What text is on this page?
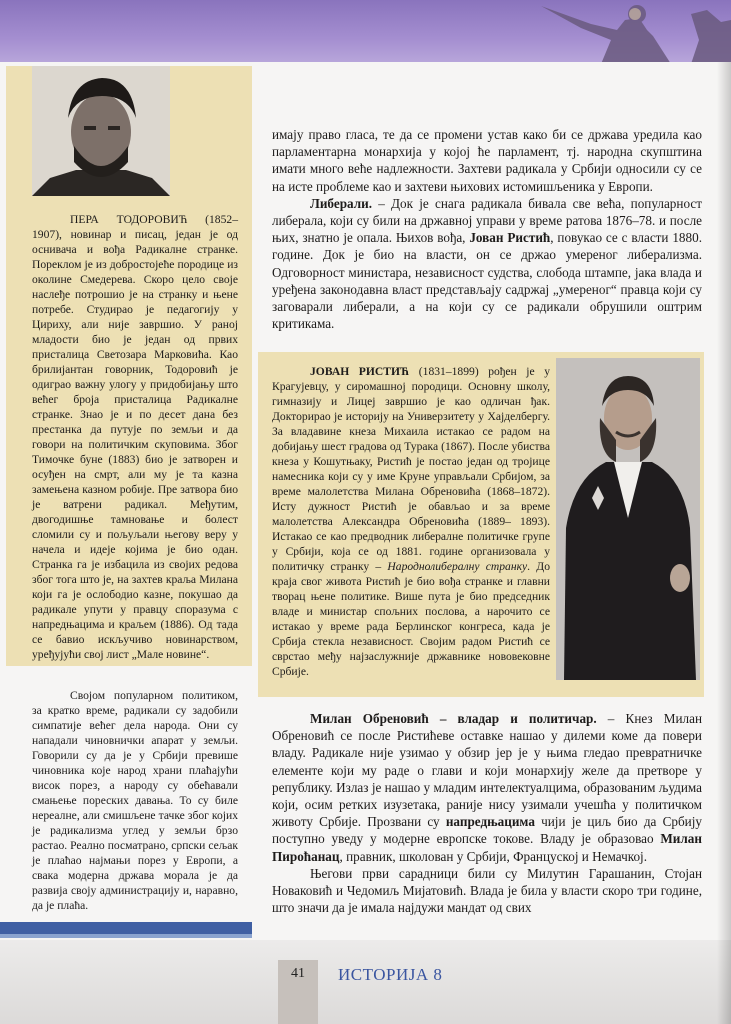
ПЕРА ТОДОРОВИЋ (1852–1907), новинар и писац, један је од оснивача и вођа Радикалне странке. Пореклом је из добростојеће породице из околине Смедерева. Скоро цело своје наслеђе потрошио је на странку и њене потребе. Студирао је педагогију у Цириху, али није завршио. У раној младости био је један од првих присталица Светозара Марковића. Као брилијантан говорник, Тодоровић је одиграо важну улогу у придобијању што већег броја присталица Радикалне странке. Знао је и по десет дана без престанка да путује по земљи и да говори на политичким скуповима. Због Тимочке буне (1883) био је затворен и осуђен на смрт, али му је та казна замењена казном робије. Пре затвора био је ватрени радикал. Међутим, двогодишње тамновање и болест сломили су и пољуљали његову веру у начела и идеје којима је био одан. Странка га је избацила из својих редова због тога што је, на захтев краља Милана који га је ослободио казне, покушао да радикале упути у правцу споразума с напредњацима и краљем (1886). Од тада се бавио искључиво новинарством, уређујући свој лист „Мале новине“.

Својом популарном политиком, за кратко време, радикали су задобили симпатије већег дела народа. Они су нападали чиновнички апарат у земљи. Говорили су да је у Србији превише чиновника које народ храни плаћајући висок порез, а народу су обећавали смањење пореских давања. То су биле нереалне, али смишљене тачке због којих је радикализма углед у земљи брзо растао. Реално посматрано, српски сељак је плаћао најмањи порез у Европи, а свака модерна држава морала је да развија своју администрацију и, наравно, да је плаћа.

имају право гласа, те да се промени устав како би се држава уредила као парламентарна монархија у којој ће парламент, тј. народна скупштина имати много веће надлежности. Захтеви радикала у Србији односили су се на исте проблеме као и захтеви њихових истомишљеника у Европи.

Либерали. – Док је снага радикала бивала све већа, популарност либерала, који су били на државној управи у време ратова 1876–78. и после њих, знатно је опала. Њихов вођа, Јован Ристић, повукао се с власти 1880. године. Док је био на власти, он се држао умереног либерализма. Одговорност министара, независност судства, слобода штампе, јака влада и уређена законодавна власт представљају садржај „умереног“ правца који су заговарали либерали, а на који су се радикали обрушили оштрим критикама.

ЈОВАН РИСТИЋ (1831–1899) рођен је у Крагујевцу, у сиромашној породици. Основну школу, гимназију и Лицеј завршио је као одличан ђак. Докторирао је историју на Универзитету у Хајделбергу. За владавине кнеза Михаила истакао се радом на добијању шест градова од Турака (1867). После убиства кнеза у Кошутњаку, Ристић је постао један од тројице намесника који су у име Круне управљали Србијом, за време малолетства Милана Обреновића (1868–1872). Исту дужност Ристић је обављао и за време малолетства Александра Обреновића (1889– 1893). Истакао се као предводник либералне политичке групе у Србији, која се од 1881. године организовала у политичку странку – Народнолибералну странку. До краја свог живота Ристић је био вођа странке и главни творац њене политике. Више пута је био председник владе и министар спољних послова, а нарочито се истакао у време рада Берлинског конгреса, када је Србија стекла независност. Својим радом Ристић се сврстао међу најзаслужније државнике нововековне Србије.

Милан Обреновић – владар и политичар. – Кнез Милан Обреновић се после Ристићеве оставке нашао у дилеми коме да повери владу. Радикале није узимао у обзир јер је у њима гледао превратничке елементе који му раде о глави и који монархију желе да претворе у републику. Излаз је нашао у младим интелектуалцима, образованим људима који, осим ретких изузетака, раније нису узимали учешћа у политичком животу Србије. Прозвани су напредњацима чији је циљ био да Србију поступно уведу у модерне европске токове. Владу је образовао Милан Пироћанац, правник, школован у Србији, Француској и Немачкој.

Његови први сарадници били су Милутин Гарашанин, Стојан Новаковић и Чедомиљ Мијатовић. Влада је била у власти скоро три године, што значи да је имала најдужи мандат од свих

41	ИСТОРИЈА 8
